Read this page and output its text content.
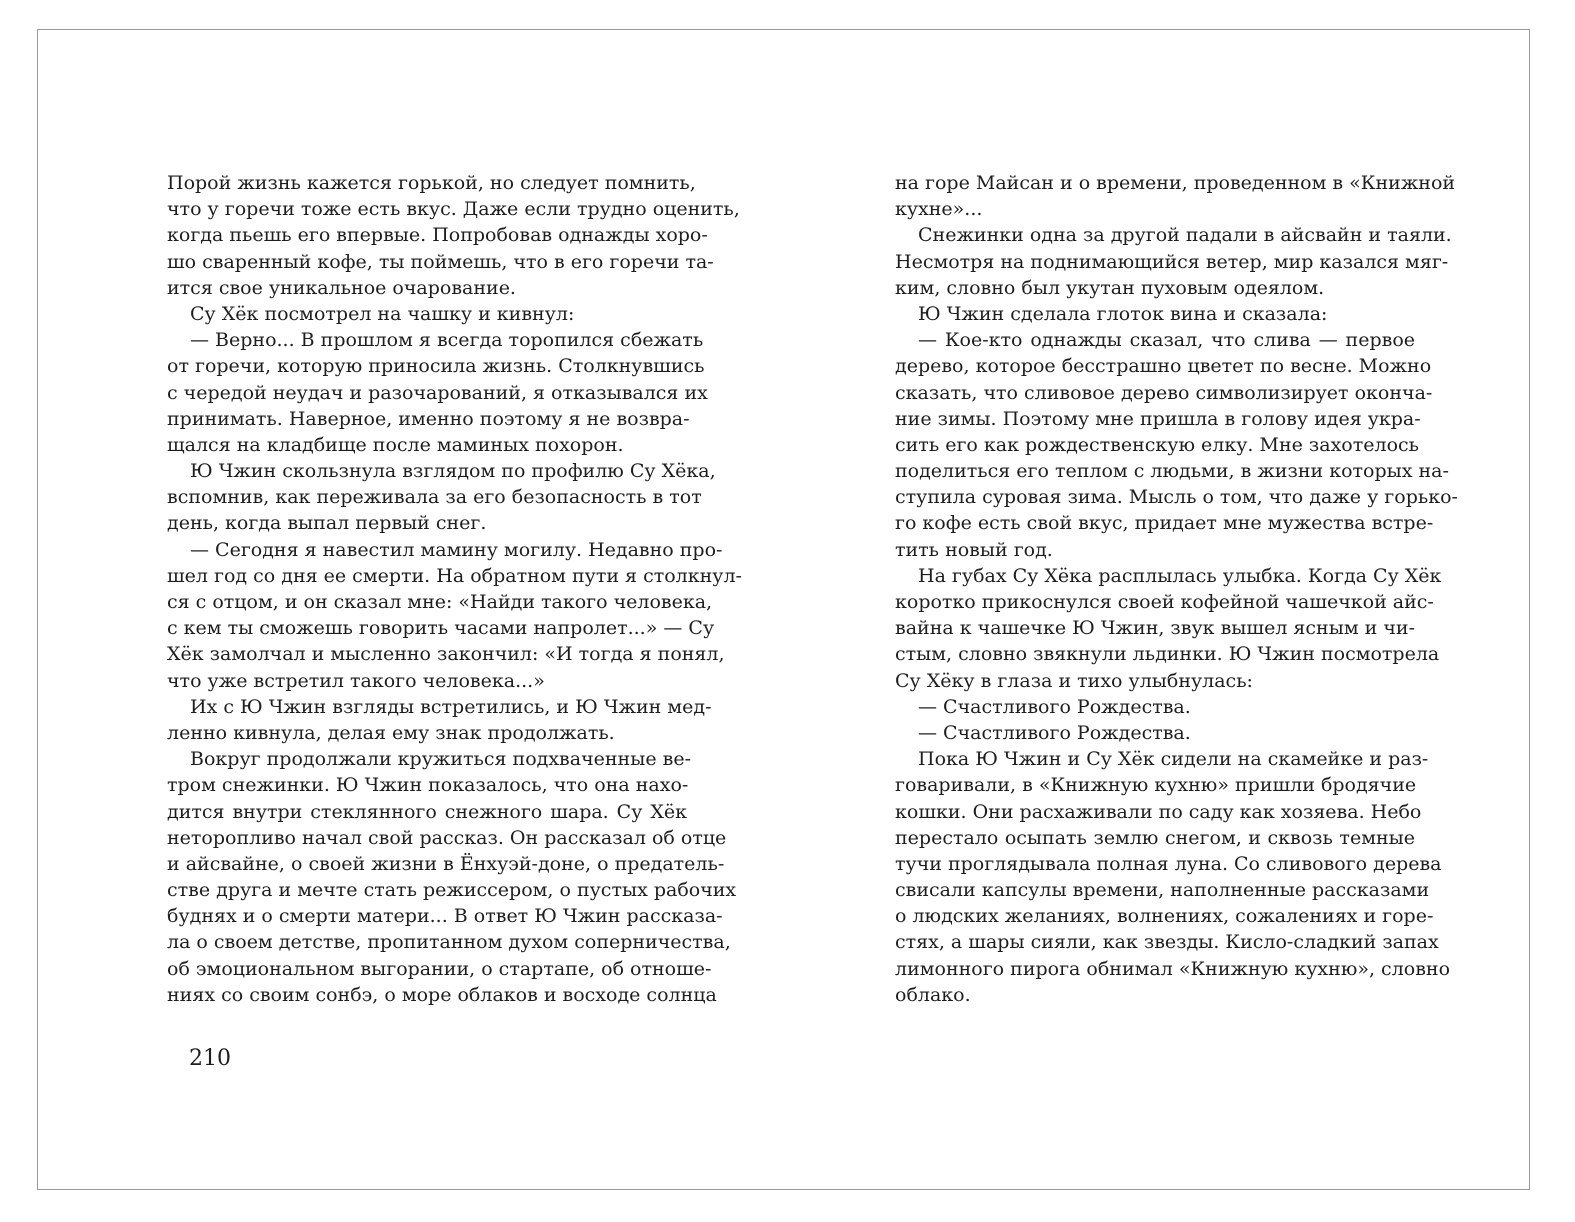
Порой жизнь кажется горькой, но следует помнить,
что у горечи тоже есть вкус. Даже если трудно оценить,
когда пьешь его впервые. Попробовав однажды хоро-
шо сваренный кофе, ты поймешь, что в его горечи та-
ится свое уникальное очарование.
Су Хёк посмотрел на чашку и кивнул:
— Верно... В прошлом я всегда торопился сбежать
от горечи, которую приносила жизнь. Столкнувшись
с чередой неудач и разочарований, я отказывался их
принимать. Наверное, именно поэтому я не возвра-
щался на кладбище после маминых похорон.
Ю Чжин скользнула взглядом по профилю Су Хёка,
вспомнив, как переживала за его безопасность в тот
день, когда выпал первый снег.
— Сегодня я навестил мамину могилу. Недавно про-
шел год со дня ее смерти. На обратном пути я столкнул-
ся с отцом, и он сказал мне: «Найди такого человека,
с кем ты сможешь говорить часами напролет...» — Су
Хёк замолчал и мысленно закончил: «И тогда я понял,
что уже встретил такого человека...»
Их с Ю Чжин взгляды встретились, и Ю Чжин мед-
ленно кивнула, делая ему знак продолжать.
Вокруг продолжали кружиться подхваченные ве-
тром снежинки. Ю Чжин показалось, что она нахо-
дится внутри стеклянного снежного шара. Су Хёк
неторопливо начал свой рассказ. Он рассказал об отце
и айсвайне, о своей жизни в Ёнхуэй-доне, о предатель-
стве друга и мечте стать режиссером, о пустых рабочих
буднях и о смерти матери... В ответ Ю Чжин рассказа-
ла о своем детстве, пропитанном духом соперничества,
об эмоциональном выгорании, о стартапе, об отноше-
ниях со своим сонбэ, о море облаков и восходе солнца
на горе Майсан и о времени, проведенном в «Книжной
кухне»...
Снежинки одна за другой падали в айсвайн и таяли.
Несмотря на поднимающийся ветер, мир казался мяг-
ким, словно был укутан пуховым одеялом.
Ю Чжин сделала глоток вина и сказала:
— Кое-кто однажды сказал, что слива — первое
дерево, которое бесстрашно цветет по весне. Можно
сказать, что сливовое дерево символизирует оконча-
ние зимы. Поэтому мне пришла в голову идея укра-
сить его как рождественскую елку. Мне захотелось
поделиться его теплом с людьми, в жизни которых на-
ступила суровая зима. Мысль о том, что даже у горько-
го кофе есть свой вкус, придает мне мужества встре-
тить новый год.
На губах Су Хёка расплылась улыбка. Когда Су Хёк
коротко прикоснулся своей кофейной чашечкой айс-
вайна к чашечке Ю Чжин, звук вышел ясным и чи-
стым, словно звякнули льдинки. Ю Чжин посмотрела
Су Хёку в глаза и тихо улыбнулась:
— Счастливого Рождества.
— Счастливого Рождества.
Пока Ю Чжин и Су Хёк сидели на скамейке и раз-
говаривали, в «Книжную кухню» пришли бродячие
кошки. Они расхаживали по саду как хозяева. Небо
перестало осыпать землю снегом, и сквозь темные
тучи проглядывала полная луна. Со сливового дерева
свисали капсулы времени, наполненные рассказами
о людских желаниях, волнениях, сожалениях и горе-
стях, а шары сияли, как звезды. Кисло-сладкий запах
лимонного пирога обнимал «Книжную кухню», словно
облако.
210
